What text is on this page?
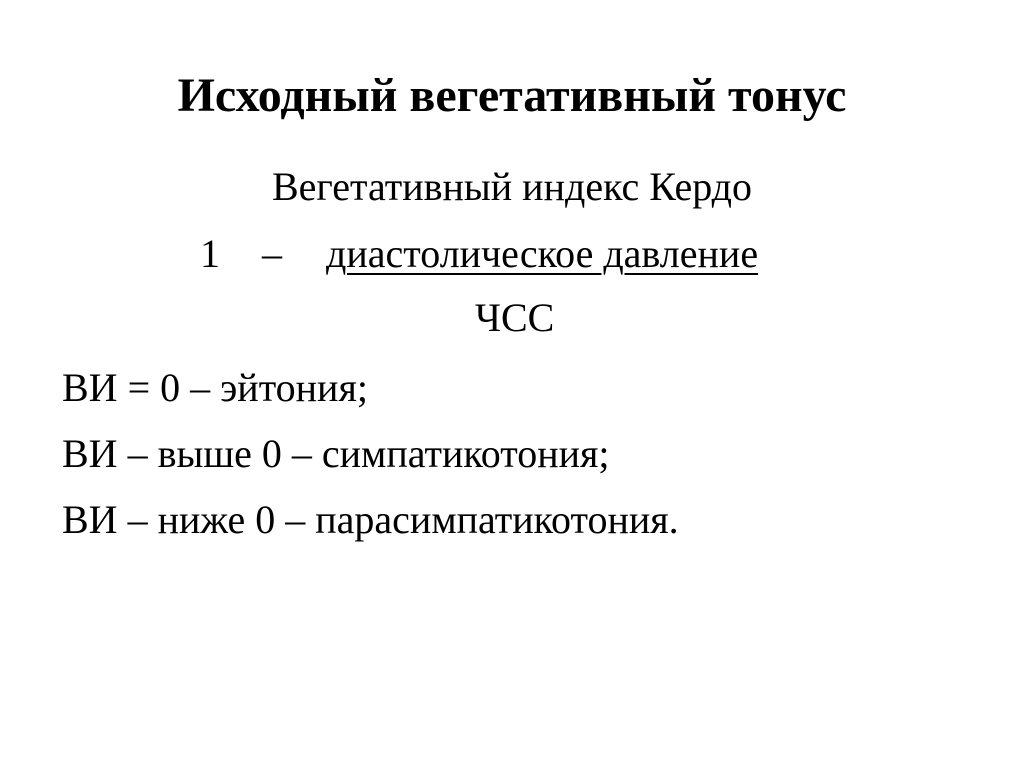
Исходный вегетативный тонус
Вегетативный индекс Кердо
1 – диастолическое давление
ЧСС
ВИ = 0 – эйтония;
ВИ – выше 0 – симпатикотония;
ВИ – ниже 0 – парасимпатикотония.
